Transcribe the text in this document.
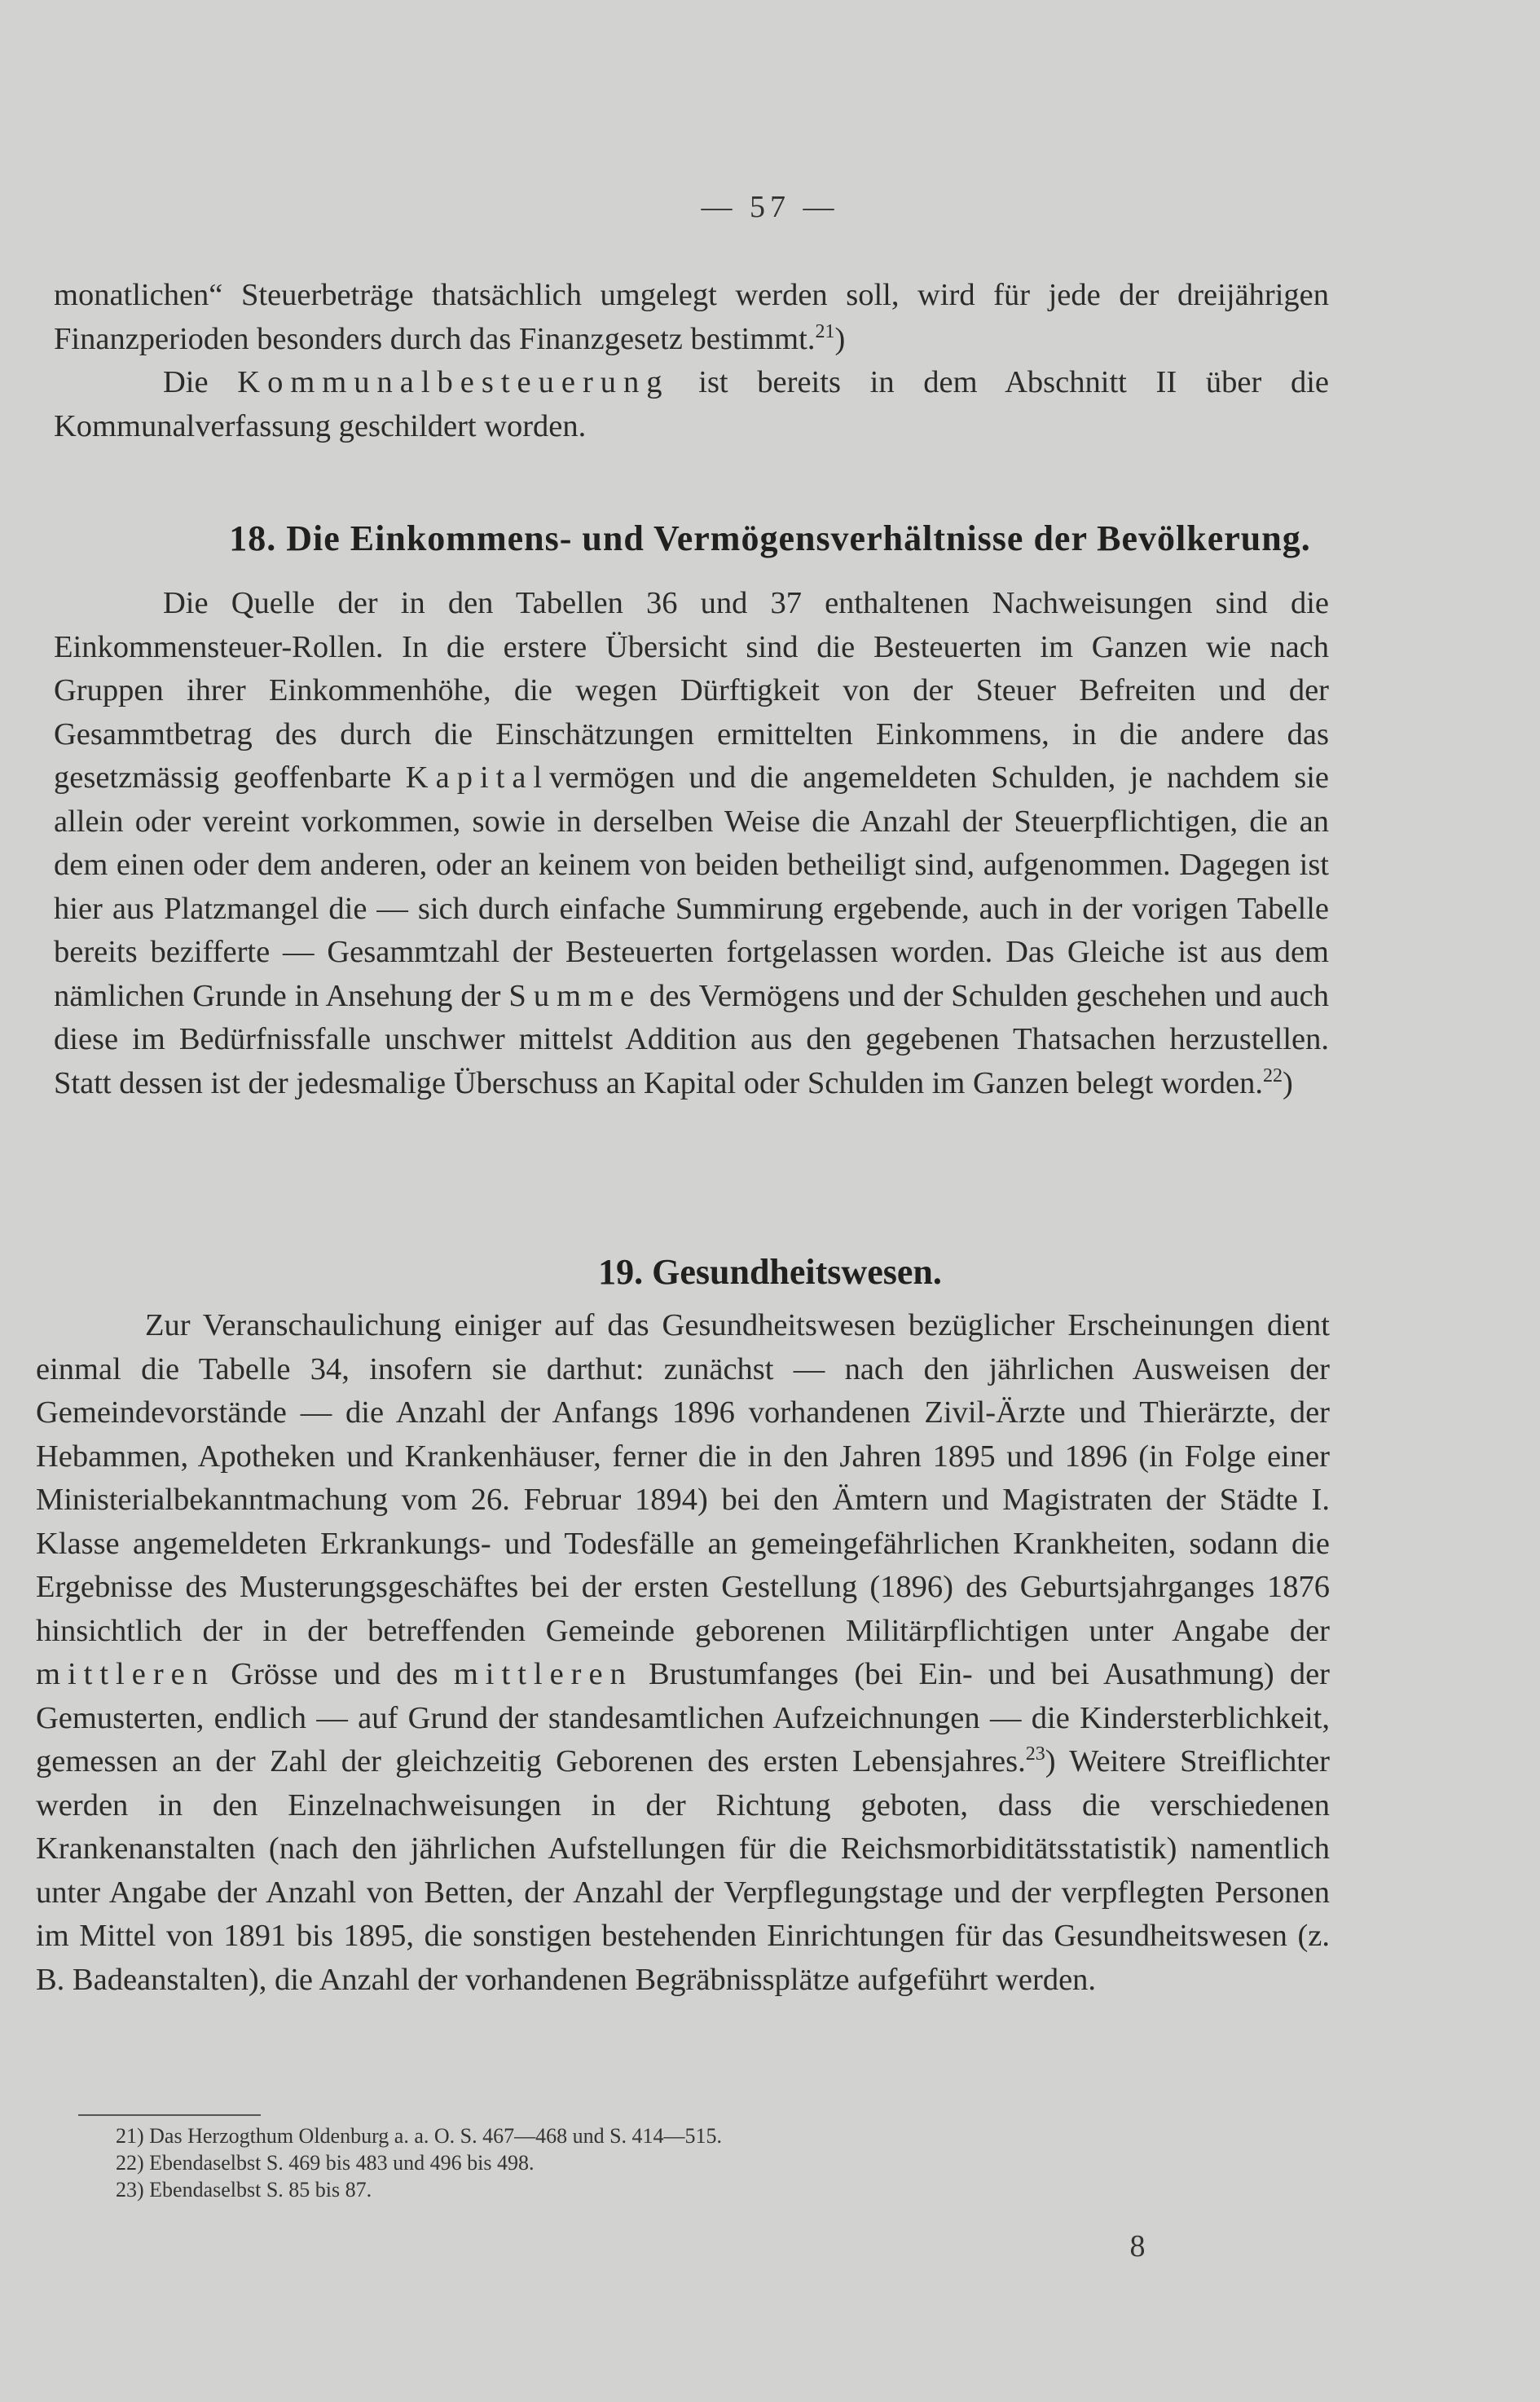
— 57 —

monatlichen“ Steuerbeträge thatsächlich umgelegt werden soll, wird für jede der dreijährigen Finanzperioden besonders durch das Finanzgesetz bestimmt.$^{21}$)

Die Kommunalbesteuerung ist bereits in dem Abschnitt II über die Kommunalverfassung geschildert worden.

18. Die Einkommens- und Vermögensverhältnisse der Bevölkerung.

Die Quelle der in den Tabellen 36 und 37 enthaltenen Nachweisungen sind die Einkommensteuer-Rollen. In die erstere Übersicht sind die Besteuerten im Ganzen wie nach Gruppen ihrer Einkommenhöhe, die wegen Dürftigkeit von der Steuer Befreiten und der Gesammtbetrag des durch die Einschätzungen ermittelten Einkommens, in die andere das gesetzmässig geoffenbarte Kapitalvermögen und die angemeldeten Schulden, je nachdem sie allein oder vereint vorkommen, sowie in derselben Weise die Anzahl der Steuerpflichtigen, die an dem einen oder dem anderen, oder an keinem von beiden betheiligt sind, aufgenommen. Dagegen ist hier aus Platzmangel die — sich durch einfache Summirung ergebende, auch in der vorigen Tabelle bereits bezifferte — Gesammtzahl der Besteuerten fortgelassen worden. Das Gleiche ist aus dem nämlichen Grunde in Ansehung der Summe des Vermögens und der Schulden geschehen und auch diese im Bedürfnissfalle unschwer mittelst Addition aus den gegebenen Thatsachen herzustellen. Statt dessen ist der jedesmalige Überschuss an Kapital oder Schulden im Ganzen belegt worden.$^{22}$)

19. Gesundheitswesen.

Zur Veranschaulichung einiger auf das Gesundheitswesen bezüglicher Erscheinungen dient einmal die Tabelle 34, insofern sie darthut: zunächst — nach den jährlichen Ausweisen der Gemeindevorstände — die Anzahl der Anfangs 1896 vorhandenen Zivil-Ärzte und Thierärzte, der Hebammen, Apotheken und Krankenhäuser, ferner die in den Jahren 1895 und 1896 (in Folge einer Ministerialbekanntmachung vom 26. Februar 1894) bei den Ämtern und Magistraten der Städte I. Klasse angemeldeten Erkrankungs- und Todesfälle an gemeingefährlichen Krankheiten, sodann die Ergebnisse des Musterungsgeschäftes bei der ersten Gestellung (1896) des Geburtsjahrganges 1876 hinsichtlich der in der betreffenden Gemeinde geborenen Militärpflichtigen unter Angabe der mittleren Grösse und des mittleren Brustumfanges (bei Ein- und bei Ausathmung) der Gemusterten, endlich — auf Grund der standesamtlichen Aufzeichnungen — die Kindersterblichkeit, gemessen an der Zahl der gleichzeitig Geborenen des ersten Lebensjahres.$^{23}$) Weitere Streiflichter werden in den Einzelnachweisungen in der Richtung geboten, dass die verschiedenen Krankenanstalten (nach den jährlichen Aufstellungen für die Reichsmorbiditätsstatistik) namentlich unter Angabe der Anzahl von Betten, der Anzahl der Verpflegungstage und der verpflegten Personen im Mittel von 1891 bis 1895, die sonstigen bestehenden Einrichtungen für das Gesundheitswesen (z. B. Badeanstalten), die Anzahl der vorhandenen Begräbnissplätze aufgeführt werden.

21) Das Herzogthum Oldenburg a. a. O. S. 467—468 und S. 414—515.
22) Ebendaselbst S. 469 bis 483 und 496 bis 498.
23) Ebendaselbst S. 85 bis 87.
8
